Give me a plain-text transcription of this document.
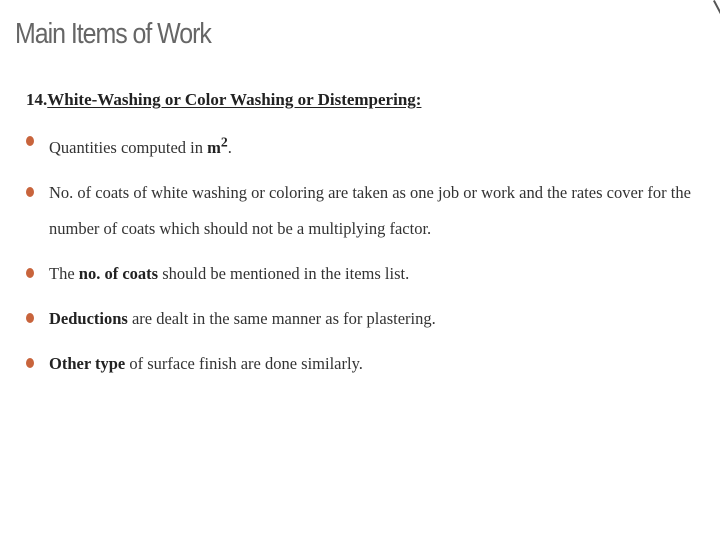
Main Items of Work

14.White-Washing or Color Washing or Distempering:

Quantities computed in $m^2$.
No. of coats of white washing or coloring are taken as one job or work and the rates cover for the number of coats which should not be a multiplying factor.
The no. of coats should be mentioned in the items list.
Deductions are dealt in the same manner as for plastering.
Other type of surface finish are done similarly.
